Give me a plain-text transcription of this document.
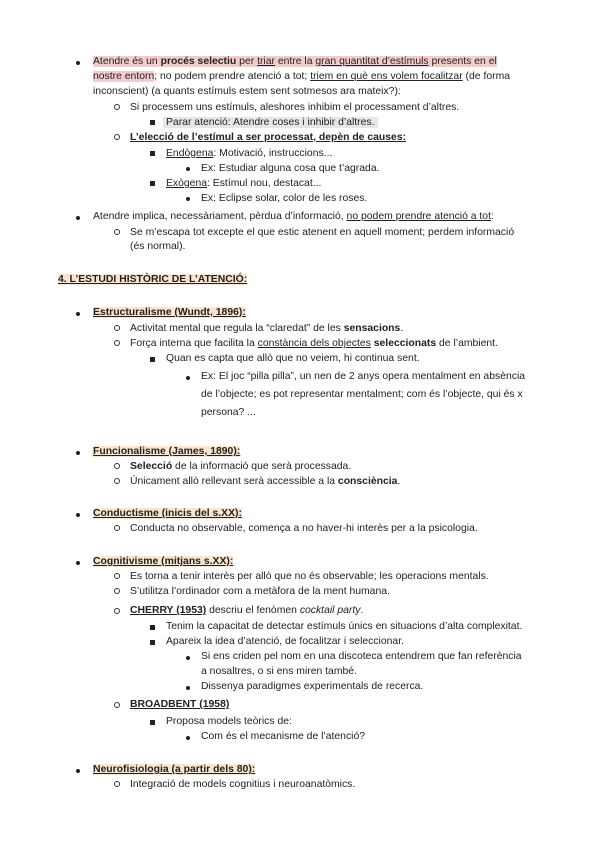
Atendre és un procés selectiu per triar entre la gran quantitat d’estímuls presents en el
nostre entorn; no podem prendre atenció a tot; triem en què ens volem focalitzar (de forma
inconscient) (a quants estímuls estem sent sotmesos ara mateix?):
Si processem uns estímuls, aleshores inhibim el processament d’altres.
Parar atenció: Atendre coses i inhibir d’altres.
L’elecció de l’estímul a ser processat, depèn de causes:
Endògena: Motivació, instruccions...
Ex: Estudiar alguna cosa que t’agrada.
Exògena: Estímul nou, destacat...
Ex: Eclipse solar, color de les roses.
Atendre implica, necessàriament, pèrdua d’informació, no podem prendre atenció a tot:
Se m’escapa tot excepte el que estic atenent en aquell moment; perdem informació
(és normal).
4. L’ESTUDI HISTÒRIC DE L’ATENCIÓ:
Estructuralisme (Wundt, 1896):
Activitat mental que regula la “claredat” de les sensacions.
Força interna que facilita la constància dels objectes seleccionats de l’ambient.
Quan es capta que allò que no veiem, hi continua sent.
Ex: El joc “pilla pilla”, un nen de 2 anys opera mentalment en absència
de l’objecte; es pot representar mentalment; com és l’objecte, qui és x
persona? ...
Funcionalisme (James, 1890):
Selecció de la informació que serà processada.
Únicament allò rellevant serà accessible a la consciència.
Conductisme (inicis del s.XX):
Conducta no observable, comença a no haver-hi interès per a la psicologia.
Cognitivisme (mitjans s.XX):
Es torna a tenir interès per allò que no és observable; les operacions mentals.
S’utilitza l’ordinador com a metàfora de la ment humana.
CHERRY (1953) descriu el fenòmen cocktail party.
Tenim la capacitat de detectar estímuls únics en situacions d’alta complexitat.
Apareix la idea d’atenció, de focalitzar i seleccionar.
Si ens criden pel nom en una discoteca entendrem que fan referència
a nosaltres, o si ens miren també.
Dissenya paradigmes experimentals de recerca.
BROADBENT (1958)
Proposa models teòrics de:
Com és el mecanisme de l’atenció?
Neurofisiologia (a partir dels 80):
Integració de models cognitius i neuroanatòmics.
